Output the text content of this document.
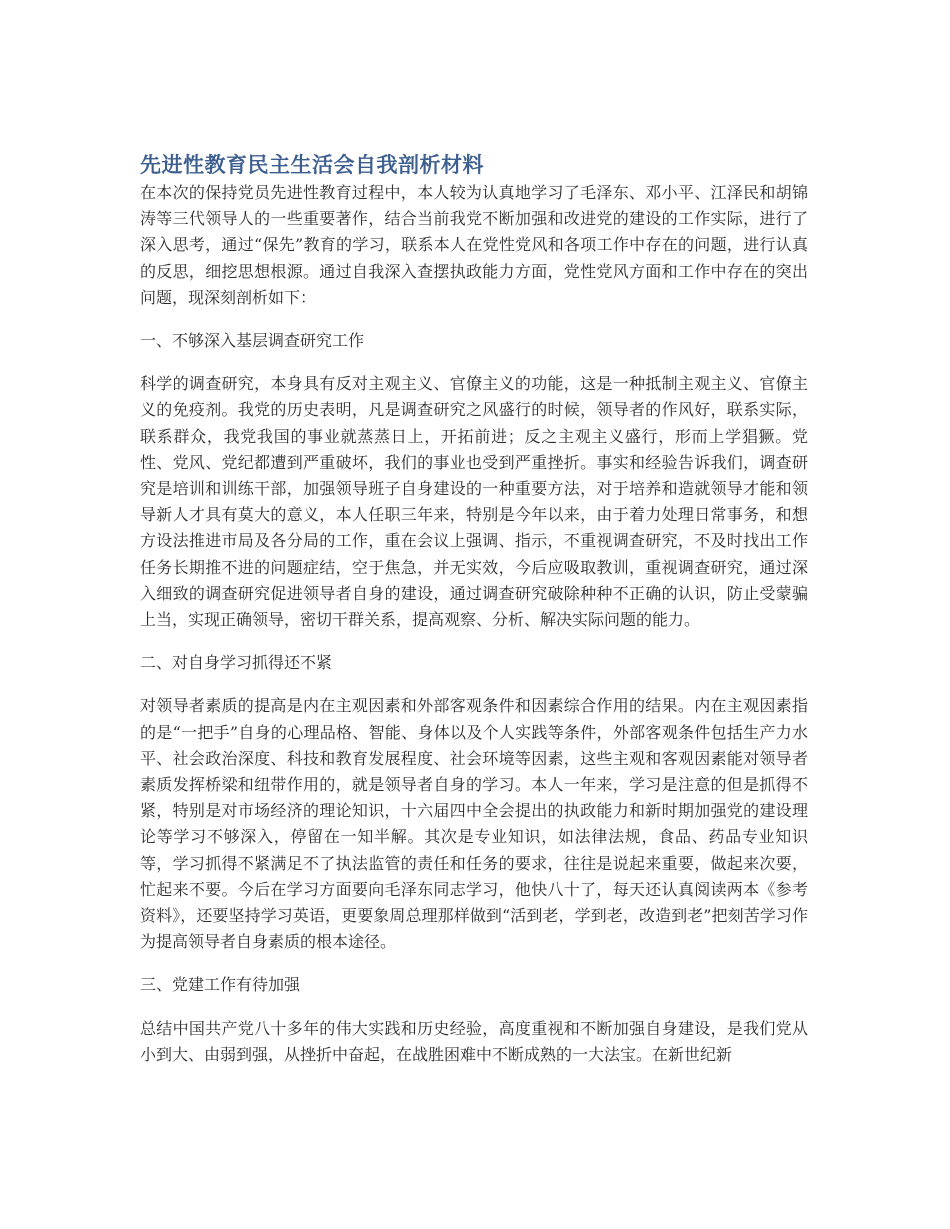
先进性教育民主生活会自我剖析材料

在本次的保持党员先进性教育过程中，本人较为认真地学习了毛泽东、邓小平、江泽民和胡锦涛等三代领导人的一些重要著作，结合当前我党不断加强和改进党的建设的工作实际，进行了深入思考，通过“保先”教育的学习，联系本人在党性党风和各项工作中存在的问题，进行认真的反思，细挖思想根源。通过自我深入查摆执政能力方面，党性党风方面和工作中存在的突出问题，现深刻剖析如下：

一、不够深入基层调查研究工作

科学的调查研究，本身具有反对主观主义、官僚主义的功能，这是一种抵制主观主义、官僚主义的免疫剂。我党的历史表明，凡是调查研究之风盛行的时候，领导者的作风好，联系实际，联系群众，我党我国的事业就蒸蒸日上，开拓前进；反之主观主义盛行，形而上学猖獗。党性、党风、党纪都遭到严重破坏，我们的事业也受到严重挫折。事实和经验告诉我们，调查研究是培训和训练干部，加强领导班子自身建设的一种重要方法，对于培养和造就领导才能和领导新人才具有莫大的意义，本人任职三年来，特别是今年以来，由于着力处理日常事务，和想方设法推进市局及各分局的工作，重在会议上强调、指示，不重视调查研究，不及时找出工作任务长期推不进的问题症结，空于焦急，并无实效，今后应吸取教训，重视调查研究，通过深入细致的调查研究促进领导者自身的建设，通过调查研究破除种种不正确的认识，防止受蒙骗上当，实现正确领导，密切干群关系，提高观察、分析、解决实际问题的能力。

二、对自身学习抓得还不紧

对领导者素质的提高是内在主观因素和外部客观条件和因素综合作用的结果。内在主观因素指的是“一把手”自身的心理品格、智能、身体以及个人实践等条件，外部客观条件包括生产力水平、社会政治深度、科技和教育发展程度、社会环境等因素，这些主观和客观因素能对领导者素质发挥桥梁和纽带作用的，就是领导者自身的学习。本人一年来，学习是注意的但是抓得不紧，特别是对市场经济的理论知识，十六届四中全会提出的执政能力和新时期加强党的建设理论等学习不够深入，停留在一知半解。其次是专业知识，如法律法规，食品、药品专业知识等，学习抓得不紧满足不了执法监管的责任和任务的要求，往往是说起来重要，做起来次要，忙起来不要。今后在学习方面要向毛泽东同志学习，他快八十了，每天还认真阅读两本《参考资料》，还要坚持学习英语，更要象周总理那样做到“活到老，学到老，改造到老”把刻苦学习作为提高领导者自身素质的根本途径。

三、党建工作有待加强

总结中国共产党八十多年的伟大实践和历史经验，高度重视和不断加强自身建设，是我们党从小到大、由弱到强，从挫折中奋起，在战胜困难中不断成熟的一大法宝。在新世纪新
